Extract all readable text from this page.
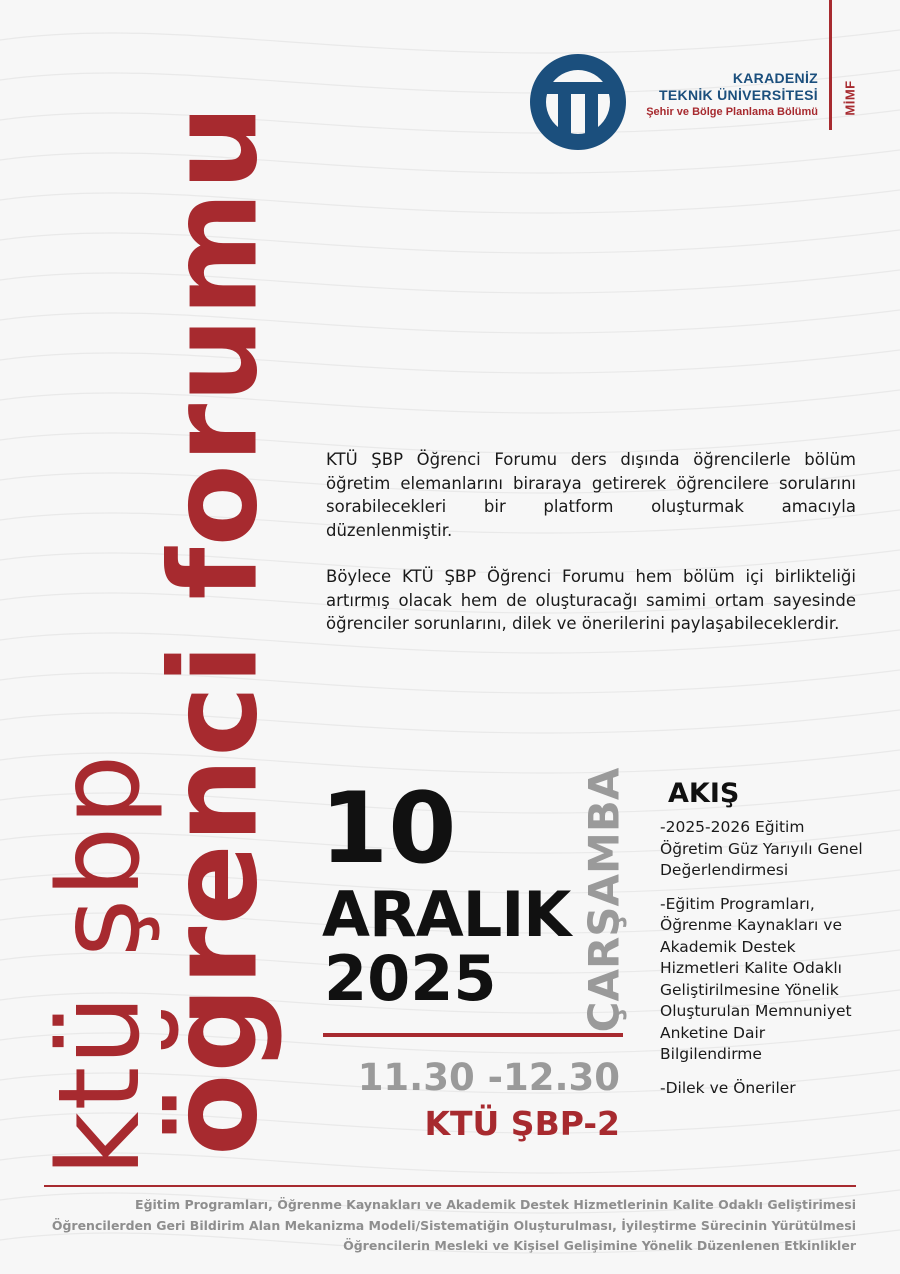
KARADENİZ
TEKNİK ÜNİVERSİTESİ
Şehir ve Bölge Planlama Bölümü MİMF
ktü şbp
öğrenci forumu	KTÜ ŞBP Öğrenci Forumu ders dışında öğrencilerle bölüm öğretim elemanlarını biraraya getirerek öğrencilere sorularını sorabilecekleri bir platform oluşturmak amacıyla düzenlenmiştir.

Böylece KTÜ ŞBP Öğrenci Forumu hem bölüm içi birlikteliği artırmış olacak hem de oluşturacağı samimi ortam sayesinde öğrenciler sorunlarını, dilek ve önerilerini paylaşabileceklerdir.

10
ARALIK
2025 ÇARŞAMBA
11.30 -12.30
KTÜ ŞBP-2
AKIŞ
-2025-2026 Eğitim Öğretim Güz Yarıyılı Genel Değerlendirmesi
-Eğitim Programları, Öğrenme Kaynakları ve Akademik Destek Hizmetleri Kalite Odaklı Geliştirilmesine Yönelik Oluşturulan Memnuniyet Anketine Dair Bilgilendirme
-Dilek ve Öneriler
Eğitim Programları, Öğrenme Kaynakları ve Akademik Destek Hizmetlerinin Kalite Odaklı Geliştirimesi
Öğrencilerden Geri Bildirim Alan Mekanizma Modeli/Sistematiğin Oluşturulması, İyileştirme Sürecinin Yürütülmesi
Öğrencilerin Mesleki ve Kişisel Gelişimine Yönelik Düzenlenen Etkinlikler
